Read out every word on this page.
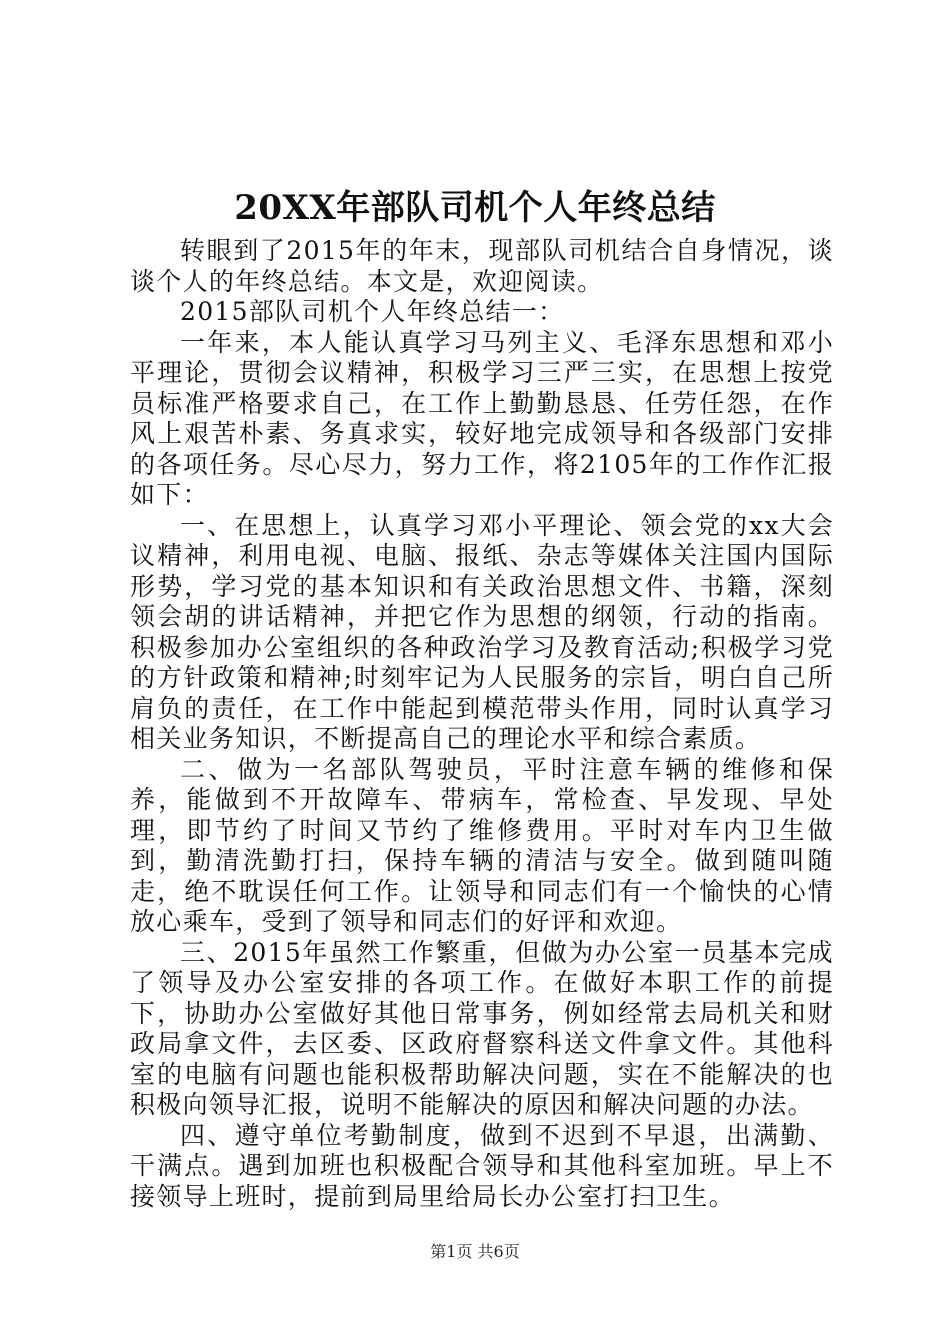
20XX年部队司机个人年终总结

转眼到了2015年的年末，现部队司机结合自身情况，谈谈个人的年终总结。本文是，欢迎阅读。

2015部队司机个人年终总结一：

一年来，本人能认真学习马列主义、毛泽东思想和邓小平理论，贯彻会议精神，积极学习三严三实，在思想上按党员标准严格要求自己，在工作上勤勤恳恳、任劳任怨，在作风上艰苦朴素、务真求实，较好地完成领导和各级部门安排的各项任务。尽心尽力，努力工作，将2105年的工作作汇报如下：

一、在思想上，认真学习邓小平理论、领会党的xx大会议精神，利用电视、电脑、报纸、杂志等媒体关注国内国际形势，学习党的基本知识和有关政治思想文件、书籍，深刻领会胡的讲话精神，并把它作为思想的纲领，行动的指南。积极参加办公室组织的各种政治学习及教育活动;积极学习党的方针政策和精神;时刻牢记为人民服务的宗旨，明白自己所肩负的责任，在工作中能起到模范带头作用，同时认真学习相关业务知识，不断提高自己的理论水平和综合素质。

二、做为一名部队驾驶员，平时注意车辆的维修和保养，能做到不开故障车、带病车，常检查、早发现、早处理，即节约了时间又节约了维修费用。平时对车内卫生做到，勤清洗勤打扫，保持车辆的清洁与安全。做到随叫随走，绝不耽误任何工作。让领导和同志们有一个愉快的心情放心乘车，受到了领导和同志们的好评和欢迎。

三、2015年虽然工作繁重，但做为办公室一员基本完成了领导及办公室安排的各项工作。在做好本职工作的前提下，协助办公室做好其他日常事务，例如经常去局机关和财政局拿文件，去区委、区政府督察科送文件拿文件。其他科室的电脑有问题也能积极帮助解决问题，实在不能解决的也积极向领导汇报，说明不能解决的原因和解决问题的办法。

四、遵守单位考勤制度，做到不迟到不早退，出满勤、干满点。遇到加班也积极配合领导和其他科室加班。早上不接领导上班时，提前到局里给局长办公室打扫卫生。

第1页 共6页
